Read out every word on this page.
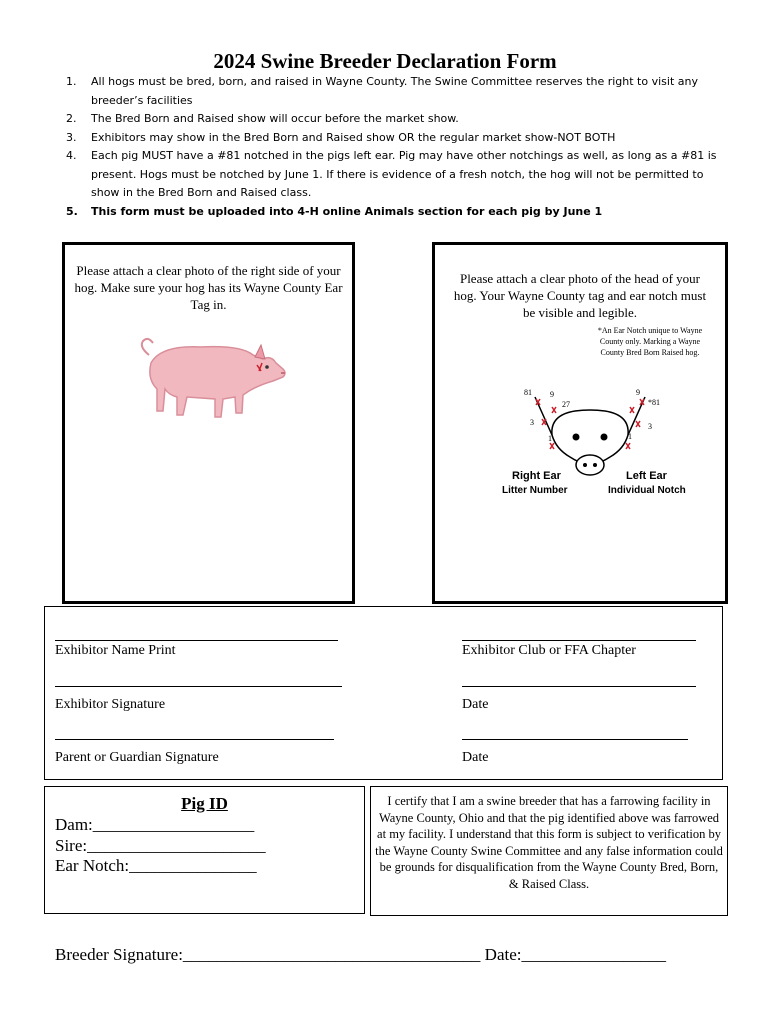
2024 Swine Breeder Declaration Form
1. All hogs must be bred, born, and raised in Wayne County. The Swine Committee reserves the right to visit any breeder’s facilities
2. The Bred Born and Raised show will occur before the market show.
3. Exhibitors may show in the Bred Born and Raised show OR the regular market show-NOT BOTH
4. Each pig MUST have a #81 notched in the pigs left ear. Pig may have other notchings as well, as long as a #81 is present. Hogs must be notched by June 1. If there is evidence of a fresh notch, the hog will not be permitted to show in the Bred Born and Raised class.
5. This form must be uploaded into 4-H online Animals section for each pig by June 1

Please attach a clear photo of the right side of your hog. Make sure your hog has its Wayne County Ear Tag in.

Please attach a clear photo of the head of your hog. Your Wayne County tag and ear notch must be visible and legible.

*An Ear Notch unique to Wayne County only. Marking a Wayne County Bred Born Raised hog.
81 9
27
3
1
9
*81
3
1
Right Ear
Litter Number
Left Ear
Individual Notch
Exhibitor Name Print	Exhibitor Club or FFA Chapter
Exhibitor Signature	Date
Parent or Guardian Signature	Date
Pig ID
Dam:___________________
Sire:_____________________
Ear Notch:_______________

I certify that I am a swine breeder that has a farrowing facility in Wayne County, Ohio and that the pig identified above was farrowed at my facility. I understand that this form is subject to verification by the Wayne County Swine Committee and any false information could be grounds for disqualification from the Wayne County Bred, Born, & Raised Class.

Breeder Signature:___________________________________ Date:_________________
